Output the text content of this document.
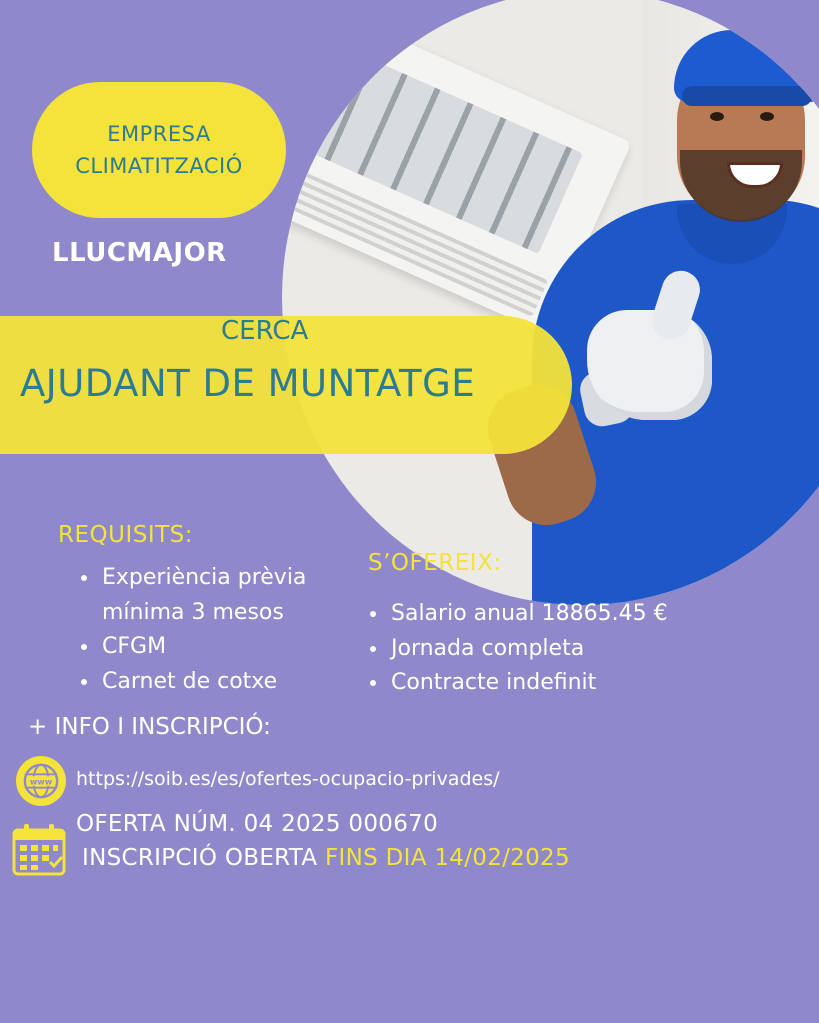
EMPRESA
CLIMATITZACIÓ
LLUCMAJOR
CERCA
AJUDANT DE MUNTATGE
REQUISITS:
• Experiència prèvia mínima 3 mesos
• CFGM
• Carnet de cotxe
S’OFEREIX:
• Salario anual 18865.45 €
• Jornada completa
• Contracte indefinit
+ INFO I INSCRIPCIÓ:
www https://soib.es/es/ofertes-ocupacio-privades/
OFERTA NÚM. 04 2025 000670
INSCRIPCIÓ OBERTA FINS DIA 14/02/2025
